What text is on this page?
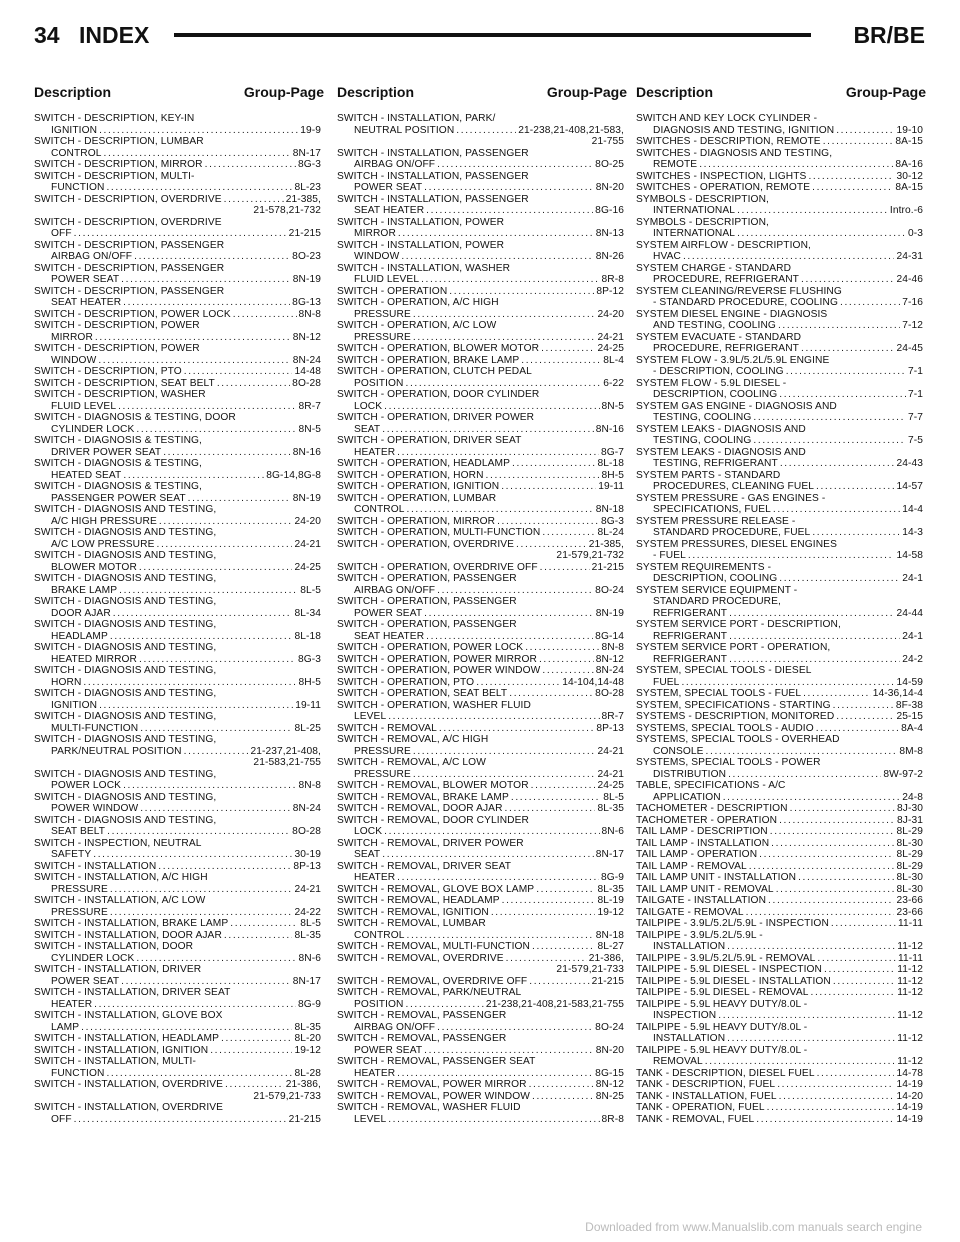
34 INDEX	BR/BE
Description	Group-Page Description	Group-Page Description	Group-Page
SWITCH - DESCRIPTION, KEY-IN
IGNITION . . .	19-9
SWITCH - DESCRIPTION, LUMBAR
CONTROL . . .	8N-17
SWITCH - DESCRIPTION, MIRROR . . .	8G-3
SWITCH - DESCRIPTION, MULTI-
FUNCTION . . .	8L-23
SWITCH - DESCRIPTION, OVERDRIVE . . .	21-385,
21-578,21-732
SWITCH - DESCRIPTION, OVERDRIVE
OFF . . .	21-215
SWITCH - DESCRIPTION, PASSENGER
AIRBAG ON/OFF . . .	8O-23
SWITCH - DESCRIPTION, PASSENGER
POWER SEAT . . .	8N-19
SWITCH - DESCRIPTION, PASSENGER
SEAT HEATER . . .	8G-13
SWITCH - DESCRIPTION, POWER LOCK . . .	8N-8
SWITCH - DESCRIPTION, POWER
MIRROR . . .	8N-12
SWITCH - DESCRIPTION, POWER
WINDOW . . .	8N-24
SWITCH - DESCRIPTION, PTO . . .	14-48
SWITCH - DESCRIPTION, SEAT BELT . . .	8O-28
SWITCH - DESCRIPTION, WASHER
FLUID LEVEL . . .	8R-7
SWITCH - DIAGNOSIS & TESTING, DOOR
CYLINDER LOCK . . .	8N-5
SWITCH - DIAGNOSIS & TESTING,
DRIVER POWER SEAT . . .	8N-16
SWITCH - DIAGNOSIS & TESTING,
HEATED SEAT . . .	8G-14,8G-8
SWITCH - DIAGNOSIS & TESTING,
PASSENGER POWER SEAT . . .	8N-19
SWITCH - DIAGNOSIS AND TESTING,
A/C HIGH PRESSURE . . .	24-20
SWITCH - DIAGNOSIS AND TESTING,
A/C LOW PRESSURE . . .	24-21
SWITCH - DIAGNOSIS AND TESTING,
BLOWER MOTOR . . .	24-25
SWITCH - DIAGNOSIS AND TESTING,
BRAKE LAMP . . .	8L-5
SWITCH - DIAGNOSIS AND TESTING,
DOOR AJAR . . .	8L-34
SWITCH - DIAGNOSIS AND TESTING,
HEADLAMP . . .	8L-18
SWITCH - DIAGNOSIS AND TESTING,
HEATED MIRROR . . .	8G-3
SWITCH - DIAGNOSIS AND TESTING,
HORN . . .	8H-5
SWITCH - DIAGNOSIS AND TESTING,
IGNITION . . .	19-11
SWITCH - DIAGNOSIS AND TESTING,
MULTI-FUNCTION . . .	8L-25
SWITCH - DIAGNOSIS AND TESTING,
PARK/NEUTRAL POSITION . . .	21-237,21-408,
21-583,21-755
SWITCH - DIAGNOSIS AND TESTING,
POWER LOCK . . .	8N-8
SWITCH - DIAGNOSIS AND TESTING,
POWER WINDOW . . .	8N-24
SWITCH - DIAGNOSIS AND TESTING,
SEAT BELT . . .	8O-28
SWITCH - INSPECTION, NEUTRAL
SAFETY . . .	30-19
SWITCH - INSTALLATION . . .	8P-13
SWITCH - INSTALLATION, A/C HIGH
PRESSURE . . .	24-21
SWITCH - INSTALLATION, A/C LOW
PRESSURE . . .	24-22
SWITCH - INSTALLATION, BRAKE LAMP . . .	8L-5
SWITCH - INSTALLATION, DOOR AJAR . . .	8L-35
SWITCH - INSTALLATION, DOOR
CYLINDER LOCK . . .	8N-6
SWITCH - INSTALLATION, DRIVER
POWER SEAT . . .	8N-17
SWITCH - INSTALLATION, DRIVER SEAT
HEATER . . .	8G-9
SWITCH - INSTALLATION, GLOVE BOX
LAMP . . .	8L-35
SWITCH - INSTALLATION, HEADLAMP . . .	8L-20
SWITCH - INSTALLATION, IGNITION . . .	19-12
SWITCH - INSTALLATION, MULTI-
FUNCTION . . .	8L-28
SWITCH - INSTALLATION, OVERDRIVE . . .	21-386,
21-579,21-733
SWITCH - INSTALLATION, OVERDRIVE
OFF . . .	21-215
SWITCH - INSTALLATION, PARK/
NEUTRAL POSITION . . .	21-238,21-408,21-583,
21-755
SWITCH - INSTALLATION, PASSENGER
AIRBAG ON/OFF . . .	8O-25
SWITCH - INSTALLATION, PASSENGER
POWER SEAT . . .	8N-20
SWITCH - INSTALLATION, PASSENGER
SEAT HEATER . . .	8G-16
SWITCH - INSTALLATION, POWER
MIRROR . . .	8N-13
SWITCH - INSTALLATION, POWER
WINDOW . . .	8N-26
SWITCH - INSTALLATION, WASHER
FLUID LEVEL . . .	8R-8
SWITCH - OPERATION . . .	8P-12
SWITCH - OPERATION, A/C HIGH
PRESSURE . . .	24-20
SWITCH - OPERATION, A/C LOW
PRESSURE . . .	24-21
SWITCH - OPERATION, BLOWER MOTOR . . .	24-25
SWITCH - OPERATION, BRAKE LAMP . . .	8L-4
SWITCH - OPERATION, CLUTCH PEDAL
POSITION . . .	6-22
SWITCH - OPERATION, DOOR CYLINDER
LOCK . . .	8N-5
SWITCH - OPERATION, DRIVER POWER
SEAT . . .	8N-16
SWITCH - OPERATION, DRIVER SEAT
HEATER . . .	8G-7
SWITCH - OPERATION, HEADLAMP . . .	8L-18
SWITCH - OPERATION, HORN . . .	8H-5
SWITCH - OPERATION, IGNITION . . .	19-11
SWITCH - OPERATION, LUMBAR
CONTROL . . .	8N-18
SWITCH - OPERATION, MIRROR . . .	8G-3
SWITCH - OPERATION, MULTI-FUNCTION . . .	8L-24
SWITCH - OPERATION, OVERDRIVE . . .	21-385,
21-579,21-732
SWITCH - OPERATION, OVERDRIVE OFF . . .	21-215
SWITCH - OPERATION, PASSENGER
AIRBAG ON/OFF . . .	8O-24
SWITCH - OPERATION, PASSENGER
POWER SEAT . . .	8N-19
SWITCH - OPERATION, PASSENGER
SEAT HEATER . . .	8G-14
SWITCH - OPERATION, POWER LOCK . . .	8N-8
SWITCH - OPERATION, POWER MIRROR . . .	8N-12
SWITCH - OPERATION, POWER WINDOW . . .	8N-24
SWITCH - OPERATION, PTO . . .	14-104,14-48
SWITCH - OPERATION, SEAT BELT . . .	8O-28
SWITCH - OPERATION, WASHER FLUID
LEVEL . . .	8R-7
SWITCH - REMOVAL . . .	8P-13
SWITCH - REMOVAL, A/C HIGH
PRESSURE . . .	24-21
SWITCH - REMOVAL, A/C LOW
PRESSURE . . .	24-21
SWITCH - REMOVAL, BLOWER MOTOR . . .	24-25
SWITCH - REMOVAL, BRAKE LAMP . . .	8L-5
SWITCH - REMOVAL, DOOR AJAR . . .	8L-35
SWITCH - REMOVAL, DOOR CYLINDER
LOCK . . .	8N-6
SWITCH - REMOVAL, DRIVER POWER
SEAT . . .	8N-17
SWITCH - REMOVAL, DRIVER SEAT
HEATER . . .	8G-9
SWITCH - REMOVAL, GLOVE BOX LAMP . . .	8L-35
SWITCH - REMOVAL, HEADLAMP . . .	8L-19
SWITCH - REMOVAL, IGNITION . . .	19-12
SWITCH - REMOVAL, LUMBAR
CONTROL . . .	8N-18
SWITCH - REMOVAL, MULTI-FUNCTION . . .	8L-27
SWITCH - REMOVAL, OVERDRIVE . . .	21-386,
21-579,21-733
SWITCH - REMOVAL, OVERDRIVE OFF . . .	21-215
SWITCH - REMOVAL, PARK/NEUTRAL
POSITION . . .	21-238,21-408,21-583,21-755
SWITCH - REMOVAL, PASSENGER
AIRBAG ON/OFF . . .	8O-24
SWITCH - REMOVAL, PASSENGER
POWER SEAT . . .	8N-20
SWITCH - REMOVAL, PASSENGER SEAT
HEATER . . .	8G-15
SWITCH - REMOVAL, POWER MIRROR . . .	8N-12
SWITCH - REMOVAL, POWER WINDOW . . .	8N-25
SWITCH - REMOVAL, WASHER FLUID
LEVEL . . .	8R-8
SWITCH AND KEY LOCK CYLINDER -
DIAGNOSIS AND TESTING, IGNITION . . .	19-10
SWITCHES - DESCRIPTION, REMOTE . . .	8A-15
SWITCHES - DIAGNOSIS AND TESTING,
REMOTE . . .	8A-16
SWITCHES - INSPECTION, LIGHTS . . .	30-12
SWITCHES - OPERATION, REMOTE . . .	8A-15
SYMBOLS - DESCRIPTION,
INTERNATIONAL . . .	Intro.-6
SYMBOLS - DESCRIPTION,
INTERNATIONAL . . .	0-3
SYSTEM AIRFLOW - DESCRIPTION,
HVAC . . .	24-31
SYSTEM CHARGE - STANDARD
PROCEDURE, REFRIGERANT . . .	24-46
SYSTEM CLEANING/REVERSE FLUSHING
- STANDARD PROCEDURE, COOLING . . .	7-16
SYSTEM DIESEL ENGINE - DIAGNOSIS
AND TESTING, COOLING . . .	7-12
SYSTEM EVACUATE - STANDARD
PROCEDURE, REFRIGERANT . . .	24-45
SYSTEM FLOW - 3.9L/5.2L/5.9L ENGINE
- DESCRIPTION, COOLING . . .	7-1
SYSTEM FLOW - 5.9L DIESEL -
DESCRIPTION, COOLING . . .	7-1
SYSTEM GAS ENGINE - DIAGNOSIS AND
TESTING, COOLING . . .	7-7
SYSTEM LEAKS - DIAGNOSIS AND
TESTING, COOLING . . .	7-5
SYSTEM LEAKS - DIAGNOSIS AND
TESTING, REFRIGERANT . . .	24-43
SYSTEM PARTS - STANDARD
PROCEDURES, CLEANING FUEL . . .	14-57
SYSTEM PRESSURE - GAS ENGINES -
SPECIFICATIONS, FUEL . . .	14-4
SYSTEM PRESSURE RELEASE -
STANDARD PROCEDURE, FUEL . . .	14-3
SYSTEM PRESSURES, DIESEL ENGINES
- FUEL . . .	14-58
SYSTEM REQUIREMENTS -
DESCRIPTION, COOLING . . .	24-1
SYSTEM SERVICE EQUIPMENT -
STANDARD PROCEDURE,
REFRIGERANT . . .	24-44
SYSTEM SERVICE PORT - DESCRIPTION,
REFRIGERANT . . .	24-1
SYSTEM SERVICE PORT - OPERATION,
REFRIGERANT . . .	24-2
SYSTEM, SPECIAL TOOLS - DIESEL
FUEL . . .	14-59
SYSTEM, SPECIAL TOOLS - FUEL . . .	14-36,14-4
SYSTEM, SPECIFICATIONS - STARTING . . .	8F-38
SYSTEMS - DESCRIPTION, MONITORED . . .	25-15
SYSTEMS, SPECIAL TOOLS - AUDIO . . .	8A-4
SYSTEMS, SPECIAL TOOLS - OVERHEAD
CONSOLE . . .	8M-8
SYSTEMS, SPECIAL TOOLS - POWER
DISTRIBUTION . . .	8W-97-2
TABLE, SPECIFICATIONS - A/C
APPLICATION . . .	24-8
TACHOMETER - DESCRIPTION . . .	8J-30
TACHOMETER - OPERATION . . .	8J-31
TAIL LAMP - DESCRIPTION . . .	8L-29
TAIL LAMP - INSTALLATION . . .	8L-30
TAIL LAMP - OPERATION . . .	8L-29
TAIL LAMP - REMOVAL . . .	8L-29
TAIL LAMP UNIT - INSTALLATION . . .	8L-30
TAIL LAMP UNIT - REMOVAL . . .	8L-30
TAILGATE - INSTALLATION . . .	23-66
TAILGATE - REMOVAL . . .	23-66
TAILPIPE - 3.9L/5.2L/5.9L - INSPECTION . . .	11-11
TAILPIPE - 3.9L/5.2L/5.9L -
INSTALLATION . . .	11-12
TAILPIPE - 3.9L/5.2L/5.9L - REMOVAL . . .	11-11
TAILPIPE - 5.9L DIESEL - INSPECTION . . .	11-12
TAILPIPE - 5.9L DIESEL - INSTALLATION . . .	11-12
TAILPIPE - 5.9L DIESEL - REMOVAL . . .	11-12
TAILPIPE - 5.9L HEAVY DUTY/8.0L -
INSPECTION . . .	11-12
TAILPIPE - 5.9L HEAVY DUTY/8.0L -
INSTALLATION . . .	11-12
TAILPIPE - 5.9L HEAVY DUTY/8.0L -
REMOVAL . . .	11-12
TANK - DESCRIPTION, DIESEL FUEL . . .	14-78
TANK - DESCRIPTION, FUEL . . .	14-19
TANK - INSTALLATION, FUEL . . .	14-20
TANK - OPERATION, FUEL . . .	14-19
TANK - REMOVAL, FUEL . . .	14-19
Downloaded from www.Manualslib.com manuals search engine
